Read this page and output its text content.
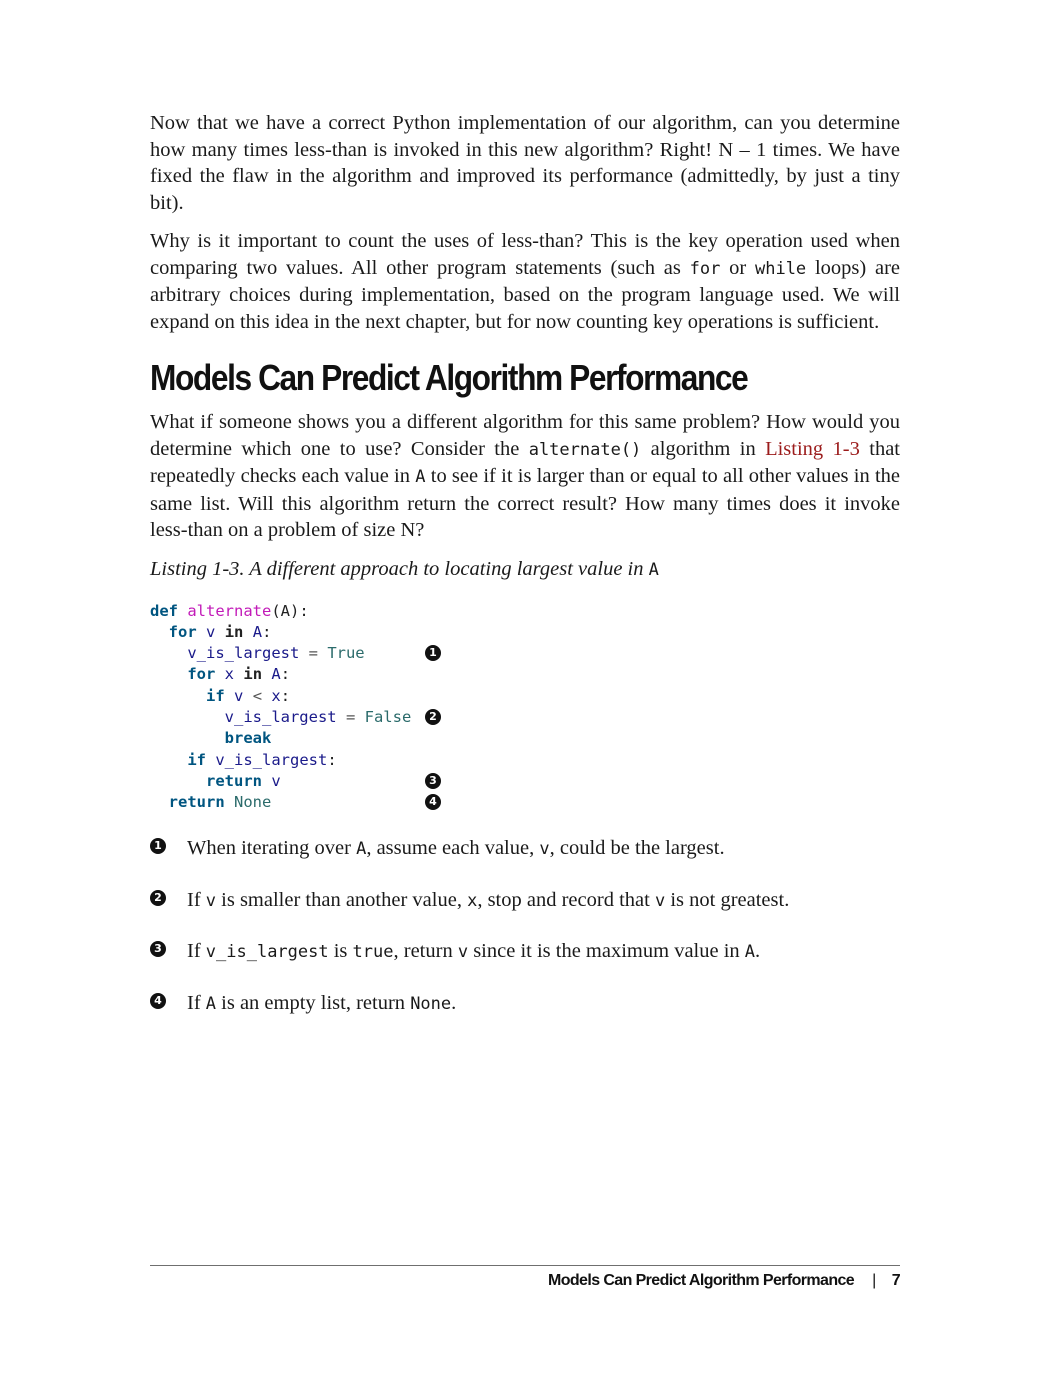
Now that we have a correct Python implementation of our algorithm, can you determine how many times less-than is invoked in this new algorithm? Right! N – 1 times. We have fixed the flaw in the algorithm and improved its performance (admittedly, by just a tiny bit).

Why is it important to count the uses of less-than? This is the key operation used when comparing two values. All other program statements (such as for or while loops) are arbitrary choices during implementation, based on the program language used. We will expand on this idea in the next chapter, but for now counting key operations is sufficient.

Models Can Predict Algorithm Performance

What if someone shows you a different algorithm for this same problem? How would you determine which one to use? Consider the alternate() algorithm in Listing 1-3 that repeatedly checks each value in A to see if it is larger than or equal to all other values in the same list. Will this algorithm return the correct result? How many times does it invoke less-than on a problem of size N?

Listing 1-3. A different approach to locating largest value in A
def alternate(A):
for v in A:
v_is_largest = True	1
for x in A:
if v < x:
v_is_largest = False	2
break
if v_is_largest:
return v	3
return None	4
1 When iterating over A, assume each value, v, could be the largest.
2 If v is smaller than another value, x, stop and record that v is not greatest.
3 If v_is_largest is true, return v since it is the maximum value in A.
4 If A is an empty list, return None.
Models Can Predict Algorithm Performance | 7
